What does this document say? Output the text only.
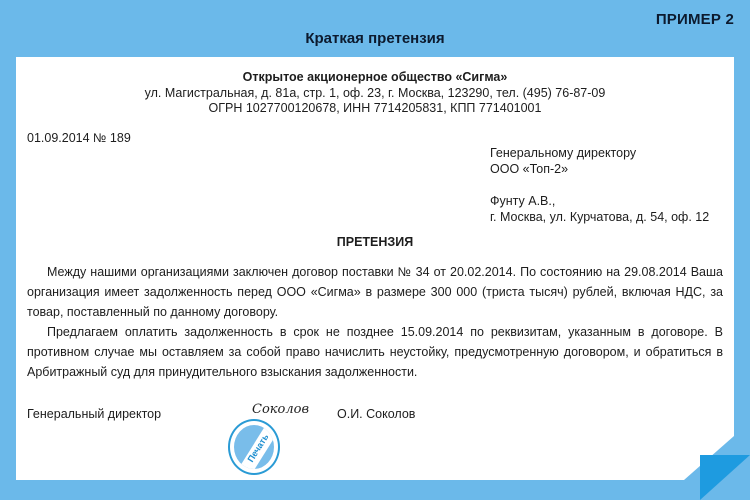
ПРИМЕР 2
Краткая претензия
Открытое акционерное общество «Сигма»
ул. Магистральная, д. 81а, стр. 1, оф. 23, г. Москва, 123290, тел. (495) 76-87-09
ОГРН 1027700120678, ИНН 7714205831, КПП 771401001
01.09.2014 № 189
Генеральному директору
ООО «Топ-2»
Фунту А.В.,
г. Москва, ул. Курчатова, д. 54, оф. 12
ПРЕТЕНЗИЯ

Между нашими организациями заключен договор поставки № 34 от 20.02.2014. По состоянию на 29.08.2014 Ваша организация имеет задолженность перед ООО «Сигма» в размере 300 000 (триста тысяч) рублей, включая НДС, за товар, поставленный по данному договору.

Предлагаем оплатить задолженность в срок не позднее 15.09.2014 по реквизитам, указанным в договоре. В противном случае мы оставляем за собой право начислить неустойку, предусмотренную договором, и обратиться в Арбитражный суд для принудительного взыскания задолженности.

Генеральный директор	Соколов О.И. Соколов
Печать
